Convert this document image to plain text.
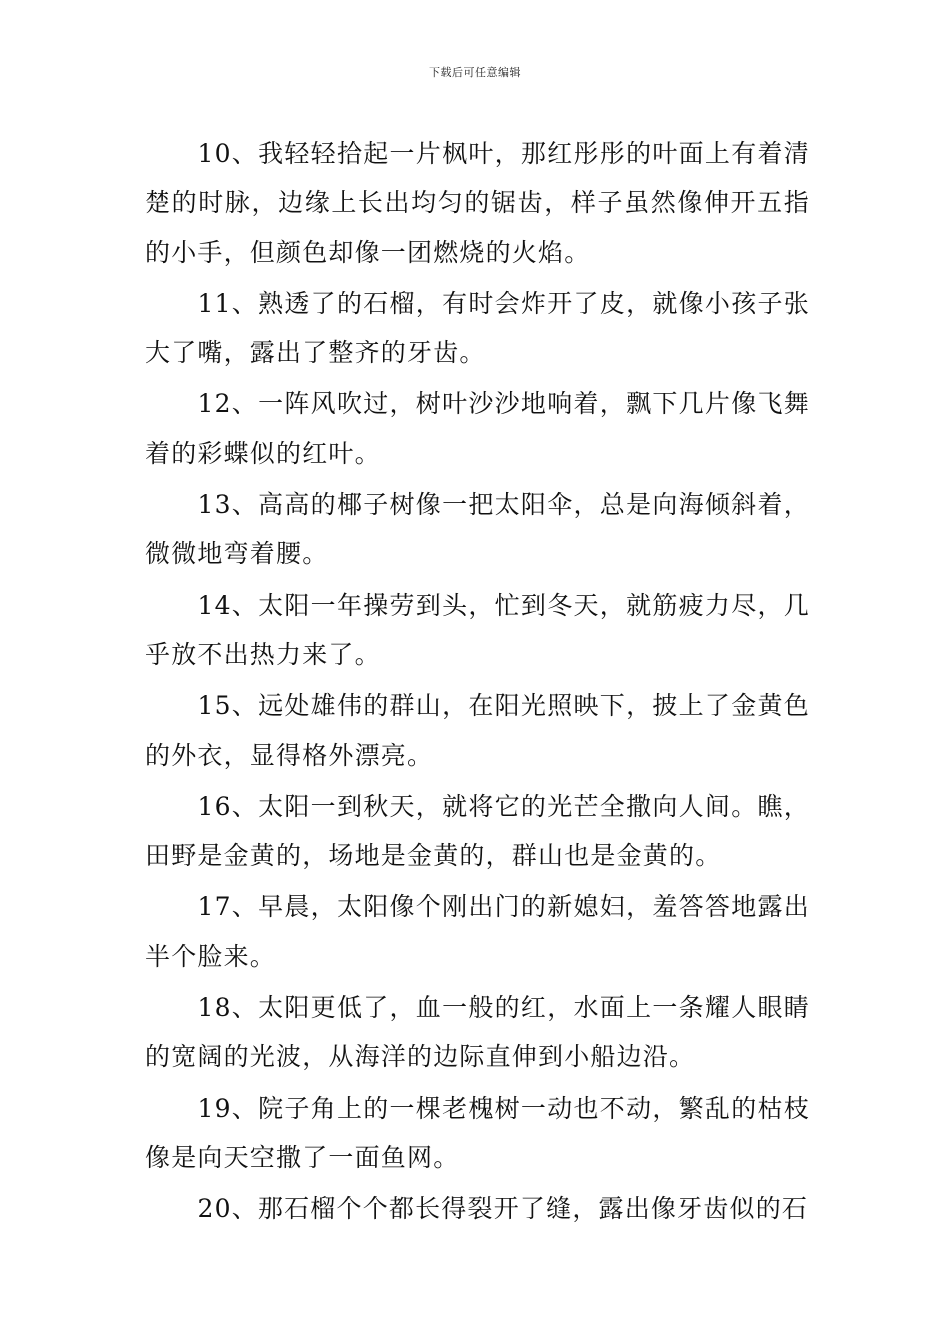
下载后可任意编辑

10、我轻轻拾起一片枫叶，那红彤彤的叶面上有着清楚的时脉，边缘上长出均匀的锯齿，样子虽然像伸开五指的小手，但颜色却像一团燃烧的火焰。

11、熟透了的石榴，有时会炸开了皮，就像小孩子张大了嘴，露出了整齐的牙齿。

12、一阵风吹过，树叶沙沙地响着，飘下几片像飞舞着的彩蝶似的红叶。

13、高高的椰子树像一把太阳伞，总是向海倾斜着，微微地弯着腰。

14、太阳一年操劳到头，忙到冬天，就筋疲力尽，几乎放不出热力来了。

15、远处雄伟的群山，在阳光照映下，披上了金黄色的外衣，显得格外漂亮。

16、太阳一到秋天，就将它的光芒全撒向人间。瞧，田野是金黄的，场地是金黄的，群山也是金黄的。

17、早晨，太阳像个刚出门的新媳妇，羞答答地露出半个脸来。

18、太阳更低了，血一般的红，水面上一条耀人眼睛的宽阔的光波，从海洋的边际直伸到小船边沿。

19、院子角上的一棵老槐树一动也不动，繁乱的枯枝像是向天空撒了一面鱼网。

20、那石榴个个都长得裂开了缝，露出像牙齿似的石
